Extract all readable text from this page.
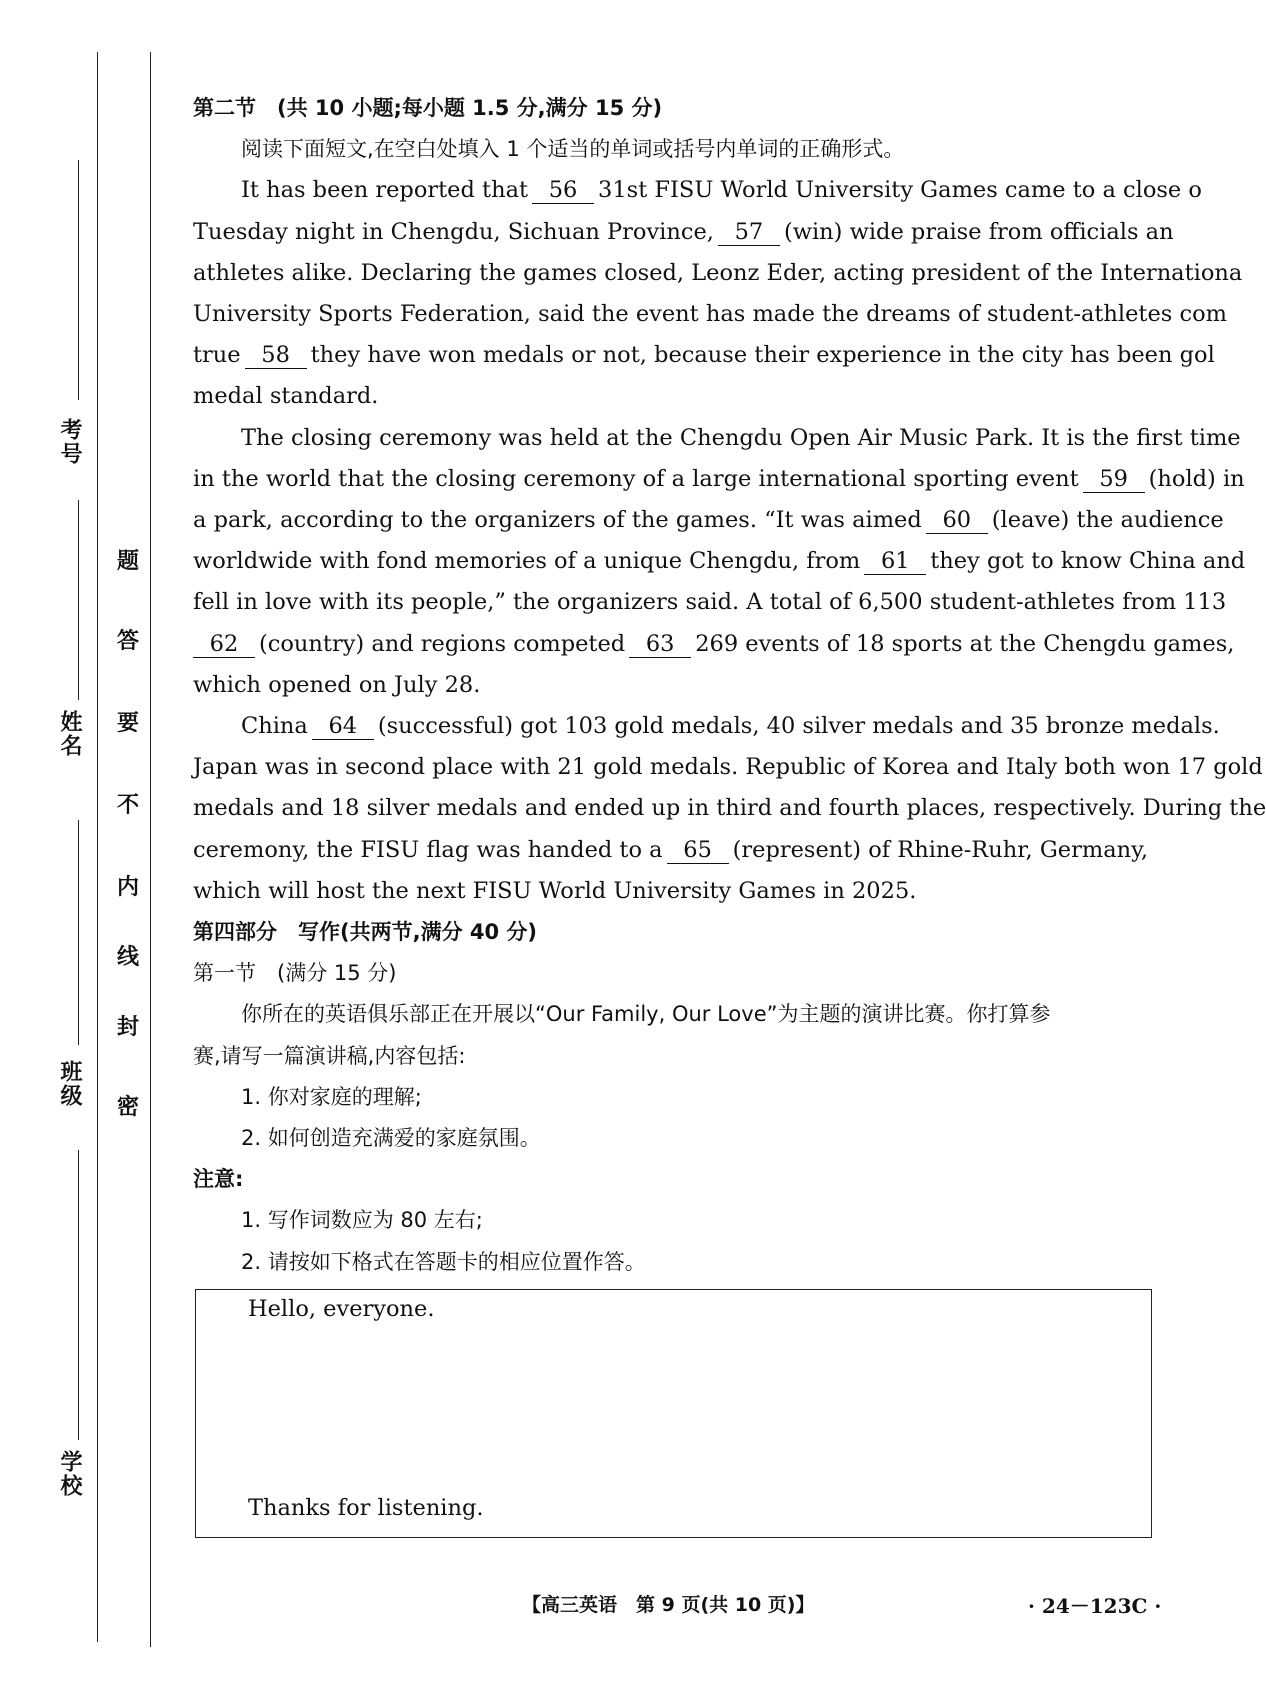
考号
姓名
班级
学校
题
答
要
不
内
线
封
密
第二节　(共 10 小题;每小题 1.5 分,满分 15 分)
阅读下面短文,在空白处填入 1 个适当的单词或括号内单词的正确形式。
It has been reported that 56 31st FISU World University Games came to a close o
Tuesday night in Chengdu, Sichuan Province, 57 (win) wide praise from officials an
athletes alike. Declaring the games closed, Leonz Eder, acting president of the Internationa
University Sports Federation, said the event has made the dreams of student-athletes com
true 58 they have won medals or not, because their experience in the city has been gol
medal standard.
The closing ceremony was held at the Chengdu Open Air Music Park. It is the first time
in the world that the closing ceremony of a large international sporting event 59 (hold) in
a park, according to the organizers of the games. “It was aimed 60 (leave) the audience
worldwide with fond memories of a unique Chengdu, from 61 they got to know China and
fell in love with its people,” the organizers said. A total of 6,500 student-athletes from 113
62 (country) and regions competed 63 269 events of 18 sports at the Chengdu games,
which opened on July 28.
China 64 (successful) got 103 gold medals, 40 silver medals and 35 bronze medals.
Japan was in second place with 21 gold medals. Republic of Korea and Italy both won 17 gold
medals and 18 silver medals and ended up in third and fourth places, respectively. During the
ceremony, the FISU flag was handed to a 65 (represent) of Rhine-Ruhr, Germany,
which will host the next FISU World University Games in 2025.
第四部分　写作(共两节,满分 40 分)
第一节　(满分 15 分)
你所在的英语俱乐部正在开展以“Our Family, Our Love”为主题的演讲比赛。你打算参
赛,请写一篇演讲稿,内容包括:
1. 你对家庭的理解;
2. 如何创造充满爱的家庭氛围。
注意:
1. 写作词数应为 80 左右;
2. 请按如下格式在答题卡的相应位置作答。
Hello, everyone.
Thanks for listening.
【高三英语　第 9 页(共 10 页)】	· 24－123C ·
